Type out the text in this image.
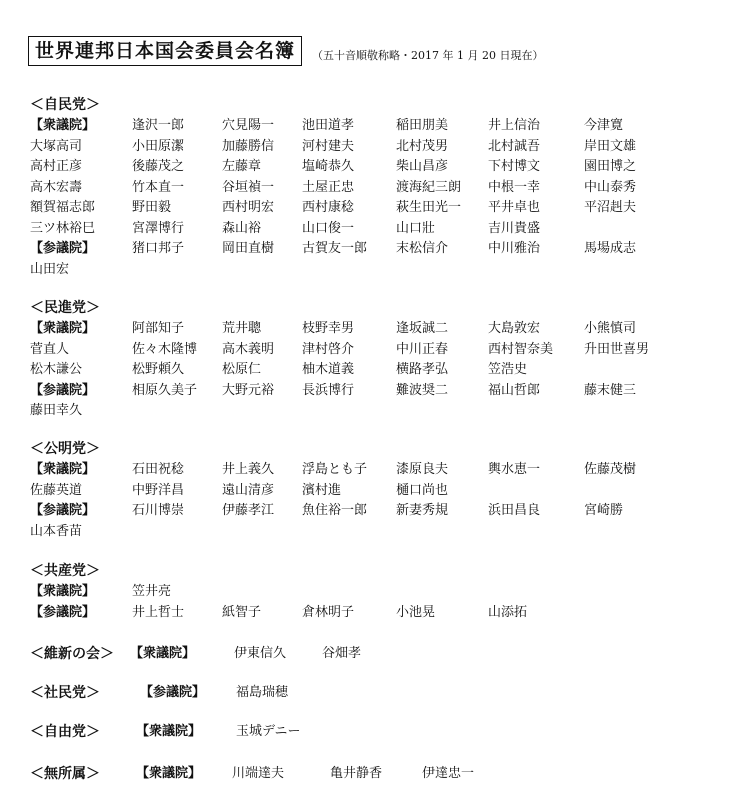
世界連邦日本国会委員会名簿	（五十音順敬称略・2017 年 1 月 20 日現在）
＜自民党＞
【衆議院】	逢沢一郎	穴見陽一 池田道孝	稲田朋美	井上信治	今津寛
大塚高司	小田原潔	加藤勝信 河村建夫	北村茂男	北村誠吾	岸田文雄
高村正彦	後藤茂之	左藤章	塩崎恭久	柴山昌彦	下村博文	園田博之
高木宏壽	竹本直一	谷垣禎一 土屋正忠	渡海紀三朗 中根一幸	中山泰秀
額賀福志郎	野田毅	西村明宏 西村康稔	萩生田光一 平井卓也	平沼赳夫
三ツ林裕巳	宮澤博行	森山裕	山口俊一	山口壯	吉川貴盛
【参議院】	猪口邦子	岡田直樹 古賀友一郎 末松信介	中川雅治	馬場成志
山田宏
＜民進党＞
【衆議院】	阿部知子	荒井聰	枝野幸男	逢坂誠二	大島敦宏	小熊慎司
菅直人	佐々木隆博 高木義明 津村啓介	中川正春	西村智奈美 升田世喜男
松木謙公	松野頼久	松原仁	柚木道義	横路孝弘	笠浩史
【参議院】	相原久美子 大野元裕 長浜博行	難波奨二	福山哲郎	藤末健三
藤田幸久
＜公明党＞
【衆議院】	石田祝稔	井上義久 浮島とも子 漆原良夫	輿水恵一	佐藤茂樹
佐藤英道	中野洋昌	遠山清彦 濱村進	樋口尚也
【参議院】	石川博崇	伊藤孝江 魚住裕一郎 新妻秀規	浜田昌良	宮崎勝
山本香苗
＜共産党＞
【衆議院】	笠井亮
【参議院】	井上哲士	紙智子	倉林明子	小池晃	山添拓
＜維新の会＞ 【衆議院】	伊東信久	谷畑孝
＜社民党＞	【参議院】 福島瑞穂
＜自由党＞	【衆議院】	玉城デニー
＜無所属＞	【衆議院】 川端達夫	亀井静香	伊達忠一
